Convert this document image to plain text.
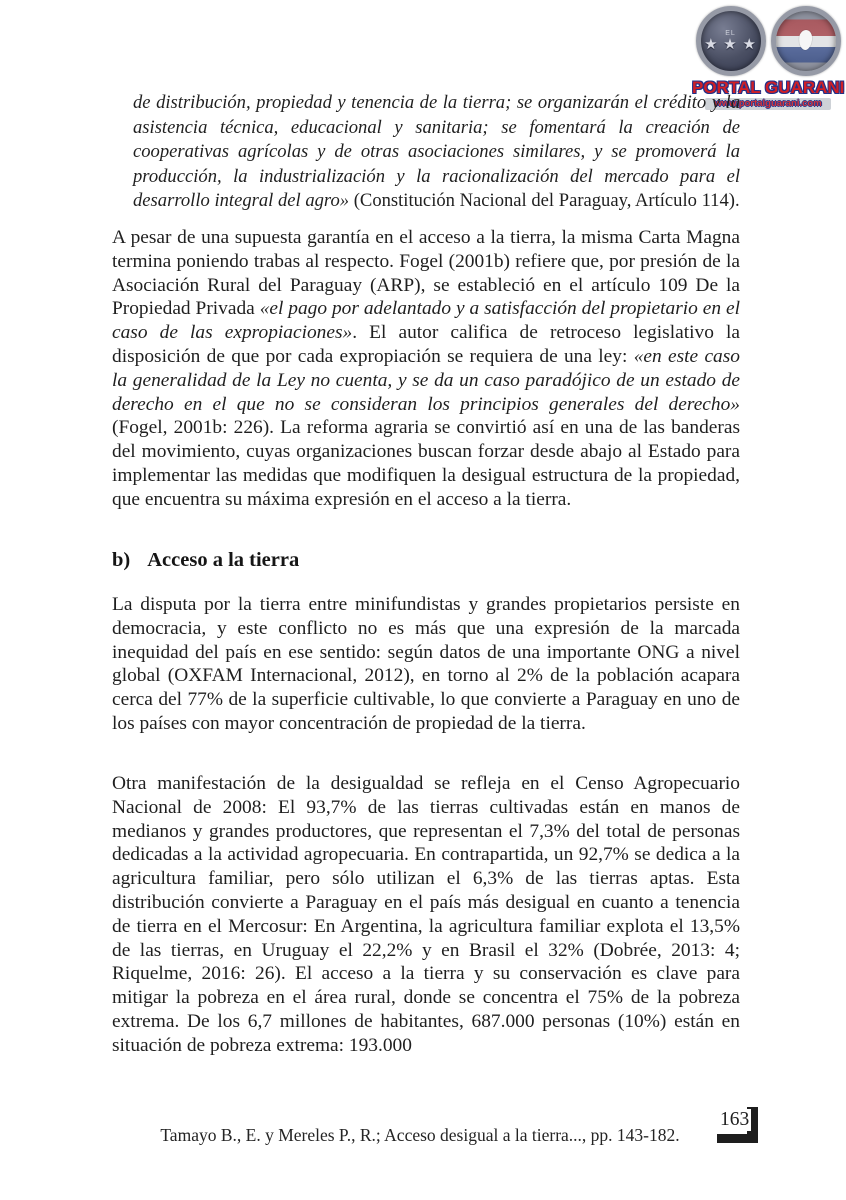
EL
★ ★ ★
PORTAL GUARANI
www.portalguarani.com

de distribución, propiedad y tenencia de la tierra; se organizarán el crédito y la asistencia técnica, educacional y sanitaria; se fomentará la creación de cooperativas agrícolas y de otras asociaciones similares, y se promoverá la producción, la industrialización y la racionalización del mercado para el desarrollo integral del agro» (Constitución Nacional del Paraguay, Artículo 114).

A pesar de una supuesta garantía en el acceso a la tierra, la misma Carta Magna termina poniendo trabas al respecto. Fogel (2001b) refiere que, por presión de la Asociación Rural del Paraguay (ARP), se estableció en el artículo 109 De la Propiedad Privada «el pago por adelantado y a satisfacción del propietario en el caso de las expropiaciones». El autor califica de retroceso legislativo la disposición de que por cada expropiación se requiera de una ley: «en este caso la generalidad de la Ley no cuenta, y se da un caso paradójico de un estado de derecho en el que no se consideran los principios generales del derecho» (Fogel, 2001b: 226). La reforma agraria se convirtió así en una de las banderas del movimiento, cuyas organizaciones buscan forzar desde abajo al Estado para implementar las medidas que modifiquen la desigual estructura de la propiedad, que encuentra su máxima expresión en el acceso a la tierra.

b) Acceso a la tierra

La disputa por la tierra entre minifundistas y grandes propietarios persiste en democracia, y este conflicto no es más que una expresión de la marcada inequidad del país en ese sentido: según datos de una importante ONG a nivel global (OXFAM Internacional, 2012), en torno al 2% de la población acapara cerca del 77% de la superficie cultivable, lo que convierte a Paraguay en uno de los países con mayor concentración de propiedad de la tierra.

Otra manifestación de la desigualdad se refleja en el Censo Agropecuario Nacional de 2008: El 93,7% de las tierras cultivadas están en manos de medianos y grandes productores, que representan el 7,3% del total de personas dedicadas a la actividad agropecuaria. En contrapartida, un 92,7% se dedica a la agricultura familiar, pero sólo utilizan el 6,3% de las tierras aptas. Esta distribución convierte a Paraguay en el país más desigual en cuanto a tenencia de tierra en el Mercosur: En Argentina, la agricultura familiar explota el 13,5% de las tierras, en Uruguay el 22,2% y en Brasil el 32% (Dobrée, 2013: 4; Riquelme, 2016: 26). El acceso a la tierra y su conservación es clave para mitigar la pobreza en el área rural, donde se concentra el 75% de la pobreza extrema. De los 6,7 millones de habitantes, 687.000 personas (10%) están en situación de pobreza extrema: 193.000

Tamayo B., E. y Mereles P., R.; Acceso desigual a la tierra..., pp. 143-182.
163
